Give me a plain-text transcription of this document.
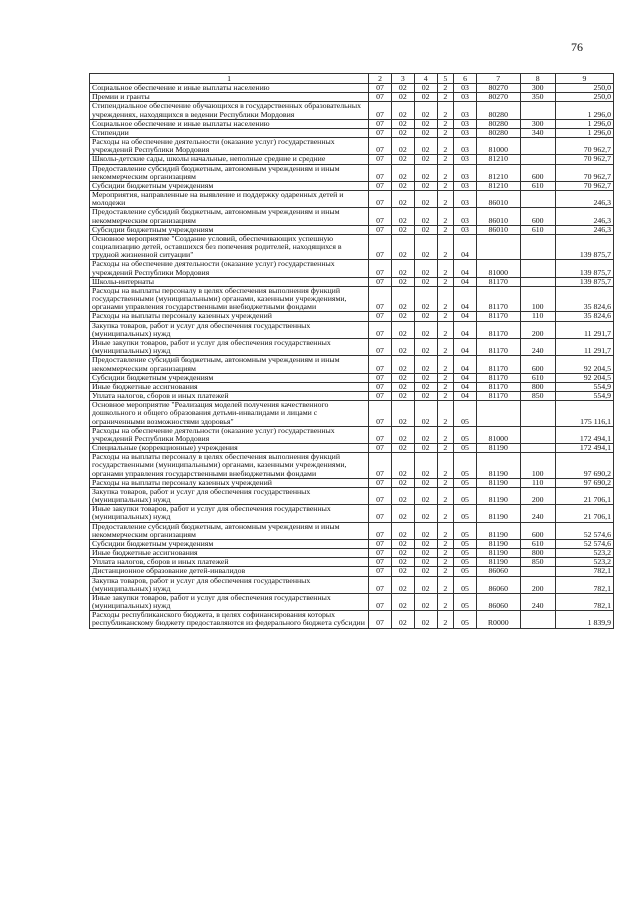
76
1	2	3	4	5	6	7	8	9
Социальное обеспечение и иные выплаты населению	07	02	02	2	03	80270	300	250,0
Премии и гранты	07	02	02	2	03	80270	350	250,0
Стипендиальное обеспечение обучающихся в государственных образовательных учреждениях, находящихся в ведении Республики Мордовия	07	02	02	2	03	80280		1 296,0
Социальное обеспечение и иные выплаты населению	07	02	02	2	03	80280	300	1 296,0
Стипендии	07	02	02	2	03	80280	340	1 296,0
Расходы на обеспечение деятельности (оказание услуг) государственных учреждений Республики Мордовия	07	02	02	2	03	81000		70 962,7
Школы-детские сады, школы начальные, неполные средние и средние	07	02	02	2	03	81210		70 962,7
Предоставление субсидий бюджетным, автономным учреждениям и иным некоммерческим организациям	07	02	02	2	03	81210	600	70 962,7
Субсидии бюджетным учреждениям	07	02	02	2	03	81210	610	70 962,7
Мероприятия, направленные на выявление и поддержку одаренных детей и молодежи	07	02	02	2	03	86010		246,3
Предоставление субсидий бюджетным, автономным учреждениям и иным некоммерческим организациям	07	02	02	2	03	86010	600	246,3
Субсидии бюджетным учреждениям	07	02	02	2	03	86010	610	246,3
Основное мероприятие "Создание условий, обеспечивающих успешную социализацию детей, оставшихся без попечения родителей, находящихся в трудной жизненной ситуации"	07	02	02	2	04			139 875,7
Расходы на обеспечение деятельности (оказание услуг) государственных учреждений Республики Мордовия	07	02	02	2	04	81000		139 875,7
Школы-интернаты	07	02	02	2	04	81170		139 875,7
Расходы на выплаты персоналу в целях обеспечения выполнения функций государственными (муниципальными) органами, казенными учреждениями, органами управления государственными внебюджетными фондами	07	02	02	2	04	81170	100	35 824,6
Расходы на выплаты персоналу казенных учреждений	07	02	02	2	04	81170	110	35 824,6
Закупка товаров, работ и услуг для обеспечения государственных (муниципальных) нужд	07	02	02	2	04	81170	200	11 291,7
Иные закупки товаров, работ и услуг для обеспечения государственных (муниципальных) нужд	07	02	02	2	04	81170	240	11 291,7
Предоставление субсидий бюджетным, автономным учреждениям и иным некоммерческим организациям	07	02	02	2	04	81170	600	92 204,5
Субсидии бюджетным учреждениям	07	02	02	2	04	81170	610	92 204,5
Иные бюджетные ассигнования	07	02	02	2	04	81170	800	554,9
Уплата налогов, сборов и иных платежей	07	02	02	2	04	81170	850	554,9
Основное мероприятие "Реализация моделей получения качественного дошкольного и общего образования детьми-инвалидами и лицами с ограниченными возможностями здоровья"	07	02	02	2	05			175 116,1
Расходы на обеспечение деятельности (оказание услуг) государственных учреждений Республики Мордовия	07	02	02	2	05	81000		172 494,1
Специальные (коррекционные) учреждения	07	02	02	2	05	81190		172 494,1
Расходы на выплаты персоналу в целях обеспечения выполнения функций государственными (муниципальными) органами, казенными учреждениями, органами управления государственными внебюджетными фондами	07	02	02	2	05	81190	100	97 690,2
Расходы на выплаты персоналу казенных учреждений	07	02	02	2	05	81190	110	97 690,2
Закупка товаров, работ и услуг для обеспечения государственных (муниципальных) нужд	07	02	02	2	05	81190	200	21 706,1
Иные закупки товаров, работ и услуг для обеспечения государственных (муниципальных) нужд	07	02	02	2	05	81190	240	21 706,1
Предоставление субсидий бюджетным, автономным учреждениям и иным некоммерческим организациям	07	02	02	2	05	81190	600	52 574,6
Субсидии бюджетным учреждениям	07	02	02	2	05	81190	610	52 574,6
Иные бюджетные ассигнования	07	02	02	2	05	81190	800	523,2
Уплата налогов, сборов и иных платежей	07	02	02	2	05	81190	850	523,2
Дистанционное образование детей-инвалидов	07	02	02	2	05	86060		782,1
Закупка товаров, работ и услуг для обеспечения государственных (муниципальных) нужд	07	02	02	2	05	86060	200	782,1
Иные закупки товаров, работ и услуг для обеспечения государственных (муниципальных) нужд	07	02	02	2	05	86060	240	782,1
Расходы республиканского бюджета, в целях софинансирования которых республиканскому бюджету предоставляются из федерального бюджета субсидии	07	02	02	2	05	R0000		1 839,9
